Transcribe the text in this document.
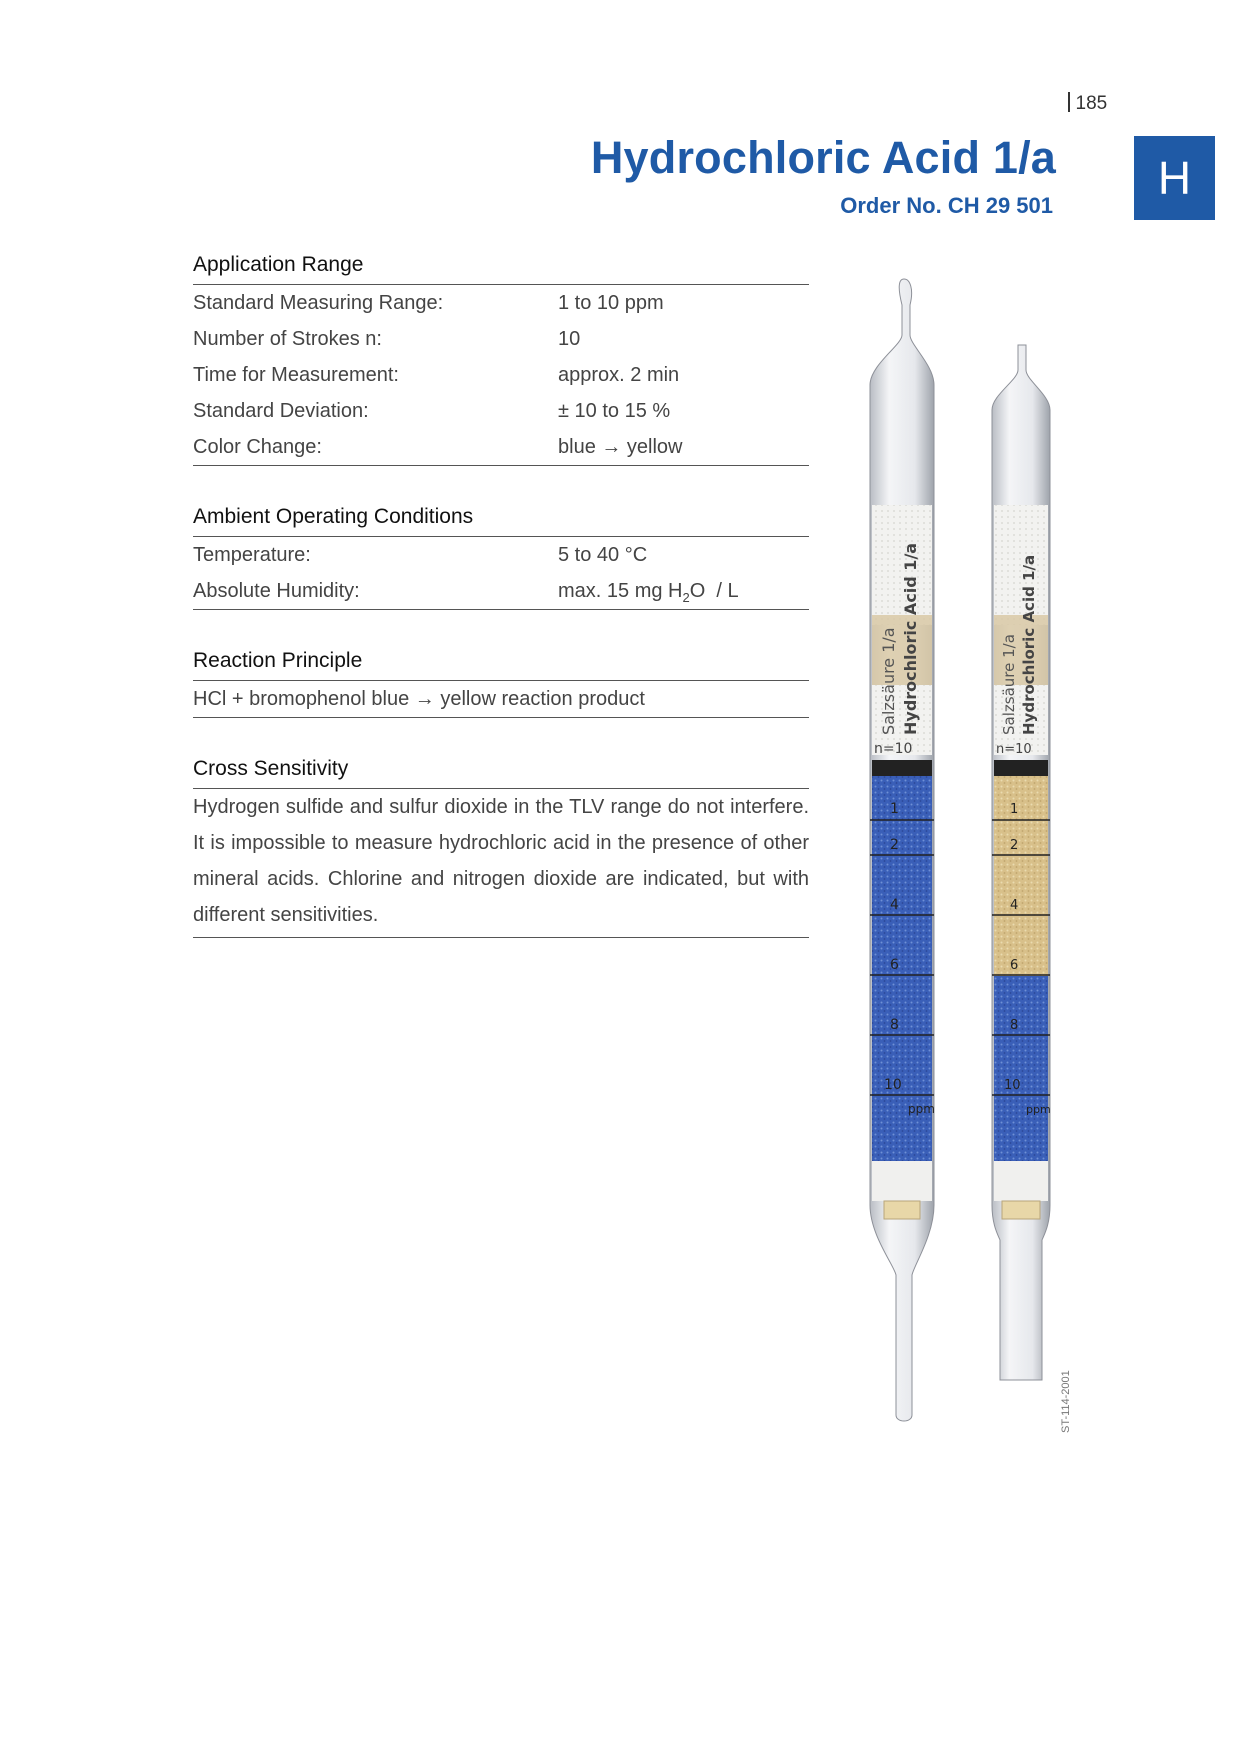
185
Hydrochloric Acid 1/a
Order No. CH 29 501
H
Application Range
Standard Measuring Range:	1 to 10 ppm
Number of Strokes n:	10
Time for Measurement:	approx. 2 min
Standard Deviation:	± 10 to 15 %
Color Change:	blue → yellow
Ambient Operating Conditions
Temperature:	5 to 40 °C
Absolute Humidity:	max. 15 mg $H_2O$  / L
Reaction Principle
HCl + bromophenol blue → yellow reaction product
Cross Sensitivity

Hydrogen sulfide and sulfur dioxide in the TLV range do not interfere. It is impossible to measure hydrochloric acid in the presence of other mineral acids. Chlorine and nitrogen dioxide are indicated, but with different sensitivities.

Salzsäure 1/a Hydrochloric Acid 1/a
n=10
1
2
4
6
8
10
ppm
Salzsäure 1/a Hydrochloric Acid 1/a
n=10
1
2
4
6
8
10
ppm
ST-114-2001
